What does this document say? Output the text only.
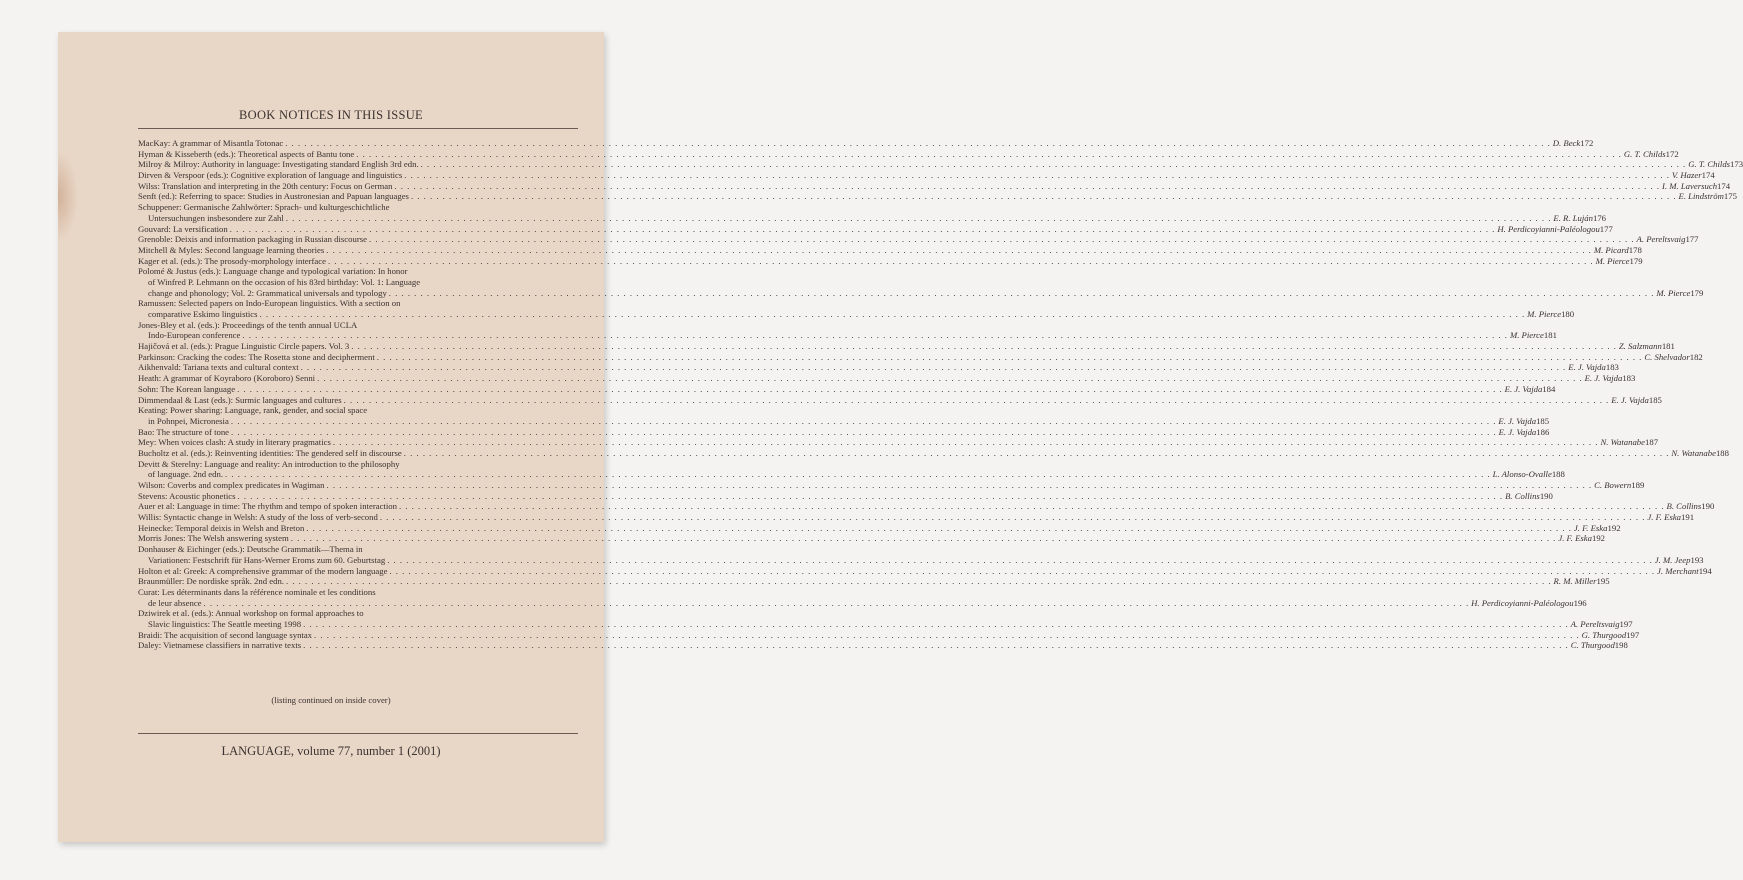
BOOK NOTICES IN THIS ISSUE
MacKay: A grammar of Misantla Totonac . . . . . . . . . . . . . . . . . . . . . . . . . . . . . . . . . . . . . . . . . . . . . . . . . . . . . . . . . . . . . . . . . . . . . . . . . . . . . . . . . . . . . . . . . . . . . . . . . . . . . . . . . . . . . . . . . . . . . . . . . . . . . . . . . . . . . . . . . . . . . . . . . . . . . . . . . . . . . . . . . . . . . . . . . . . . . . . . . . . . . . . . . . . . . . . . . . . . . . . . D. Beck 172
Hyman & Kisseberth (eds.): Theoretical aspects of Bantu tone . . . . . . . . . . . . . . . . . . . . . . . . . . . . . . . . . . . . . . . . . . . . . . . . . . . . . . . . . . . . . . . . . . . . . . . . . . . . . . . . . . . . . . . . . . . . . . . . . . . . . . . . . . . . . . . . . . . . . . . . . . . . . . . . . . . . . . . . . . . . . . . . . . . . . . . . . . . . . . . . . . . . . . . . . . . . . . . . . . . . . . . . . . . . . . . . . . . . . . . . G. T. Childs 172
Milroy & Milroy: Authority in language: Investigating standard English 3rd edn. . . . . . . . . . . . . . . . . . . . . . . . . . . . . . . . . . . . . . . . . . . . . . . . . . . . . . . . . . . . . . . . . . . . . . . . . . . . . . . . . . . . . . . . . . . . . . . . . . . . . . . . . . . . . . . . . . . . . . . . . . . . . . . . . . . . . . . . . . . . . . . . . . . . . . . . . . . . . . . . . . . . . . . . . . . . . . . . . . . . . . . . . . . . . . . . . . . . . . . . . G. T. Childs 173
Dirven & Verspoor (eds.): Cognitive exploration of language and linguistics . . . . . . . . . . . . . . . . . . . . . . . . . . . . . . . . . . . . . . . . . . . . . . . . . . . . . . . . . . . . . . . . . . . . . . . . . . . . . . . . . . . . . . . . . . . . . . . . . . . . . . . . . . . . . . . . . . . . . . . . . . . . . . . . . . . . . . . . . . . . . . . . . . . . . . . . . . . . . . . . . . . . . . . . . . . . . . . . . . . . . . . . . . . . . . . . . . . . . . . . V. Hazer 174
Wilss: Translation and interpreting in the 20th century: Focus on German . . . . . . . . . . . . . . . . . . . . . . . . . . . . . . . . . . . . . . . . . . . . . . . . . . . . . . . . . . . . . . . . . . . . . . . . . . . . . . . . . . . . . . . . . . . . . . . . . . . . . . . . . . . . . . . . . . . . . . . . . . . . . . . . . . . . . . . . . . . . . . . . . . . . . . . . . . . . . . . . . . . . . . . . . . . . . . . . . . . . . . . . . . . . . . . . . . . . . . . . I. M. Laversuch 174
Senft (ed.): Referring to space: Studies in Austronesian and Papuan languages . . . . . . . . . . . . . . . . . . . . . . . . . . . . . . . . . . . . . . . . . . . . . . . . . . . . . . . . . . . . . . . . . . . . . . . . . . . . . . . . . . . . . . . . . . . . . . . . . . . . . . . . . . . . . . . . . . . . . . . . . . . . . . . . . . . . . . . . . . . . . . . . . . . . . . . . . . . . . . . . . . . . . . . . . . . . . . . . . . . . . . . . . . . . . . . . . . . . . . . . E. Lindström 175
Schuppener: Germanische Zahlwörter: Sprach- und kulturgeschichtliche
Untersuchungen insbesondere zur Zahl . . . . . . . . . . . . . . . . . . . . . . . . . . . . . . . . . . . . . . . . . . . . . . . . . . . . . . . . . . . . . . . . . . . . . . . . . . . . . . . . . . . . . . . . . . . . . . . . . . . . . . . . . . . . . . . . . . . . . . . . . . . . . . . . . . . . . . . . . . . . . . . . . . . . . . . . . . . . . . . . . . . . . . . . . . . . . . . . . . . . . . . . . . . . . . . . . . . . . . . . E. R. Luján 176
Gouvard: La versification . . . . . . . . . . . . . . . . . . . . . . . . . . . . . . . . . . . . . . . . . . . . . . . . . . . . . . . . . . . . . . . . . . . . . . . . . . . . . . . . . . . . . . . . . . . . . . . . . . . . . . . . . . . . . . . . . . . . . . . . . . . . . . . . . . . . . . . . . . . . . . . . . . . . . . . . . . . . . . . . . . . . . . . . . . . . . . . . . . . . . . . . . . . . . . . . . . . . . . . . H. Perdicoyianni-Paléologou 177
Grenoble: Deixis and information packaging in Russian discourse . . . . . . . . . . . . . . . . . . . . . . . . . . . . . . . . . . . . . . . . . . . . . . . . . . . . . . . . . . . . . . . . . . . . . . . . . . . . . . . . . . . . . . . . . . . . . . . . . . . . . . . . . . . . . . . . . . . . . . . . . . . . . . . . . . . . . . . . . . . . . . . . . . . . . . . . . . . . . . . . . . . . . . . . . . . . . . . . . . . . . . . . . . . . . . . . . . . . . . . . A. Pereltsvaig 177
Mitchell & Myles: Second language learning theories . . . . . . . . . . . . . . . . . . . . . . . . . . . . . . . . . . . . . . . . . . . . . . . . . . . . . . . . . . . . . . . . . . . . . . . . . . . . . . . . . . . . . . . . . . . . . . . . . . . . . . . . . . . . . . . . . . . . . . . . . . . . . . . . . . . . . . . . . . . . . . . . . . . . . . . . . . . . . . . . . . . . . . . . . . . . . . . . . . . . . . . . . . . . . . . . . . . . . . . . M. Picard 178
Kager et al. (eds.): The prosody-morphology interface . . . . . . . . . . . . . . . . . . . . . . . . . . . . . . . . . . . . . . . . . . . . . . . . . . . . . . . . . . . . . . . . . . . . . . . . . . . . . . . . . . . . . . . . . . . . . . . . . . . . . . . . . . . . . . . . . . . . . . . . . . . . . . . . . . . . . . . . . . . . . . . . . . . . . . . . . . . . . . . . . . . . . . . . . . . . . . . . . . . . . . . . . . . . . . . . . . . . . . . . M. Pierce 179
Polomé & Justus (eds.): Language change and typological variation: In honor
of Winfred P. Lehmann on the occasion of his 83rd birthday: Vol. 1: Language
change and phonology; Vol. 2: Grammatical universals and typology . . . . . . . . . . . . . . . . . . . . . . . . . . . . . . . . . . . . . . . . . . . . . . . . . . . . . . . . . . . . . . . . . . . . . . . . . . . . . . . . . . . . . . . . . . . . . . . . . . . . . . . . . . . . . . . . . . . . . . . . . . . . . . . . . . . . . . . . . . . . . . . . . . . . . . . . . . . . . . . . . . . . . . . . . . . . . . . . . . . . . . . . . . . . . . . . . . . . . . . . M. Pierce 179
Ramussen: Selected papers on Indo-European linguistics. With a section on
comparative Eskimo linguistics . . . . . . . . . . . . . . . . . . . . . . . . . . . . . . . . . . . . . . . . . . . . . . . . . . . . . . . . . . . . . . . . . . . . . . . . . . . . . . . . . . . . . . . . . . . . . . . . . . . . . . . . . . . . . . . . . . . . . . . . . . . . . . . . . . . . . . . . . . . . . . . . . . . . . . . . . . . . . . . . . . . . . . . . . . . . . . . . . . . . . . . . . . . . . . . . . . . . . . . . M. Pierce 180
Jones-Bley et al. (eds.): Proceedings of the tenth annual UCLA
Indo-European conference . . . . . . . . . . . . . . . . . . . . . . . . . . . . . . . . . . . . . . . . . . . . . . . . . . . . . . . . . . . . . . . . . . . . . . . . . . . . . . . . . . . . . . . . . . . . . . . . . . . . . . . . . . . . . . . . . . . . . . . . . . . . . . . . . . . . . . . . . . . . . . . . . . . . . . . . . . . . . . . . . . . . . . . . . . . . . . . . . . . . . . . . . . . . . . . . . . . . . . . . M. Pierce 181
Hajičová et al. (eds.): Prague Linguistic Circle papers. Vol. 3 . . . . . . . . . . . . . . . . . . . . . . . . . . . . . . . . . . . . . . . . . . . . . . . . . . . . . . . . . . . . . . . . . . . . . . . . . . . . . . . . . . . . . . . . . . . . . . . . . . . . . . . . . . . . . . . . . . . . . . . . . . . . . . . . . . . . . . . . . . . . . . . . . . . . . . . . . . . . . . . . . . . . . . . . . . . . . . . . . . . . . . . . . . . . . . . . . . . . . . . . Z. Salzmann 181
Parkinson: Cracking the codes: The Rosetta stone and decipherment . . . . . . . . . . . . . . . . . . . . . . . . . . . . . . . . . . . . . . . . . . . . . . . . . . . . . . . . . . . . . . . . . . . . . . . . . . . . . . . . . . . . . . . . . . . . . . . . . . . . . . . . . . . . . . . . . . . . . . . . . . . . . . . . . . . . . . . . . . . . . . . . . . . . . . . . . . . . . . . . . . . . . . . . . . . . . . . . . . . . . . . . . . . . . . . . . . . . . . . . C. Shelvador 182
Aikhenvald: Tariana texts and cultural context . . . . . . . . . . . . . . . . . . . . . . . . . . . . . . . . . . . . . . . . . . . . . . . . . . . . . . . . . . . . . . . . . . . . . . . . . . . . . . . . . . . . . . . . . . . . . . . . . . . . . . . . . . . . . . . . . . . . . . . . . . . . . . . . . . . . . . . . . . . . . . . . . . . . . . . . . . . . . . . . . . . . . . . . . . . . . . . . . . . . . . . . . . . . . . . . . . . . . . . . E. J. Vajda 183
Heath: A grammar of Koyraboro (Koroboro) Senni . . . . . . . . . . . . . . . . . . . . . . . . . . . . . . . . . . . . . . . . . . . . . . . . . . . . . . . . . . . . . . . . . . . . . . . . . . . . . . . . . . . . . . . . . . . . . . . . . . . . . . . . . . . . . . . . . . . . . . . . . . . . . . . . . . . . . . . . . . . . . . . . . . . . . . . . . . . . . . . . . . . . . . . . . . . . . . . . . . . . . . . . . . . . . . . . . . . . . . . . E. J. Vajda 183
Sohn: The Korean language . . . . . . . . . . . . . . . . . . . . . . . . . . . . . . . . . . . . . . . . . . . . . . . . . . . . . . . . . . . . . . . . . . . . . . . . . . . . . . . . . . . . . . . . . . . . . . . . . . . . . . . . . . . . . . . . . . . . . . . . . . . . . . . . . . . . . . . . . . . . . . . . . . . . . . . . . . . . . . . . . . . . . . . . . . . . . . . . . . . . . . . . . . . . . . . . . . . . . . . . E. J. Vajda 184
Dimmendaal & Last (eds.): Surmic languages and cultures . . . . . . . . . . . . . . . . . . . . . . . . . . . . . . . . . . . . . . . . . . . . . . . . . . . . . . . . . . . . . . . . . . . . . . . . . . . . . . . . . . . . . . . . . . . . . . . . . . . . . . . . . . . . . . . . . . . . . . . . . . . . . . . . . . . . . . . . . . . . . . . . . . . . . . . . . . . . . . . . . . . . . . . . . . . . . . . . . . . . . . . . . . . . . . . . . . . . . . . . E. J. Vajda 185
Keating: Power sharing: Language, rank, gender, and social space
in Pohnpei, Micronesia . . . . . . . . . . . . . . . . . . . . . . . . . . . . . . . . . . . . . . . . . . . . . . . . . . . . . . . . . . . . . . . . . . . . . . . . . . . . . . . . . . . . . . . . . . . . . . . . . . . . . . . . . . . . . . . . . . . . . . . . . . . . . . . . . . . . . . . . . . . . . . . . . . . . . . . . . . . . . . . . . . . . . . . . . . . . . . . . . . . . . . . . . . . . . . . . . . . . . . . . E. J. Vajda 185
Bao: The structure of tone . . . . . . . . . . . . . . . . . . . . . . . . . . . . . . . . . . . . . . . . . . . . . . . . . . . . . . . . . . . . . . . . . . . . . . . . . . . . . . . . . . . . . . . . . . . . . . . . . . . . . . . . . . . . . . . . . . . . . . . . . . . . . . . . . . . . . . . . . . . . . . . . . . . . . . . . . . . . . . . . . . . . . . . . . . . . . . . . . . . . . . . . . . . . . . . . . . . . . . . . E. J. Vajda 186
Mey: When voices clash: A study in literary pragmatics . . . . . . . . . . . . . . . . . . . . . . . . . . . . . . . . . . . . . . . . . . . . . . . . . . . . . . . . . . . . . . . . . . . . . . . . . . . . . . . . . . . . . . . . . . . . . . . . . . . . . . . . . . . . . . . . . . . . . . . . . . . . . . . . . . . . . . . . . . . . . . . . . . . . . . . . . . . . . . . . . . . . . . . . . . . . . . . . . . . . . . . . . . . . . . . . . . . . . . . . N. Watanabe 187
Bucholtz et al. (eds.): Reinventing identities: The gendered self in discourse . . . . . . . . . . . . . . . . . . . . . . . . . . . . . . . . . . . . . . . . . . . . . . . . . . . . . . . . . . . . . . . . . . . . . . . . . . . . . . . . . . . . . . . . . . . . . . . . . . . . . . . . . . . . . . . . . . . . . . . . . . . . . . . . . . . . . . . . . . . . . . . . . . . . . . . . . . . . . . . . . . . . . . . . . . . . . . . . . . . . . . . . . . . . . . . . . . . . . . . . N. Watanabe 188
Devitt & Sterelny: Language and reality: An introduction to the philosophy
of language. 2nd edn. . . . . . . . . . . . . . . . . . . . . . . . . . . . . . . . . . . . . . . . . . . . . . . . . . . . . . . . . . . . . . . . . . . . . . . . . . . . . . . . . . . . . . . . . . . . . . . . . . . . . . . . . . . . . . . . . . . . . . . . . . . . . . . . . . . . . . . . . . . . . . . . . . . . . . . . . . . . . . . . . . . . . . . . . . . . . . . . . . . . . . . . . . . . . . . . . . . . . . . . . L. Alonso-Ovalle 188
Wilson: Coverbs and complex predicates in Wagiman . . . . . . . . . . . . . . . . . . . . . . . . . . . . . . . . . . . . . . . . . . . . . . . . . . . . . . . . . . . . . . . . . . . . . . . . . . . . . . . . . . . . . . . . . . . . . . . . . . . . . . . . . . . . . . . . . . . . . . . . . . . . . . . . . . . . . . . . . . . . . . . . . . . . . . . . . . . . . . . . . . . . . . . . . . . . . . . . . . . . . . . . . . . . . . . . . . . . . . . . C. Bowern 189
Stevens: Acoustic phonetics . . . . . . . . . . . . . . . . . . . . . . . . . . . . . . . . . . . . . . . . . . . . . . . . . . . . . . . . . . . . . . . . . . . . . . . . . . . . . . . . . . . . . . . . . . . . . . . . . . . . . . . . . . . . . . . . . . . . . . . . . . . . . . . . . . . . . . . . . . . . . . . . . . . . . . . . . . . . . . . . . . . . . . . . . . . . . . . . . . . . . . . . . . . . . . . . . . . . . . . . B. Collins 190
Auer et al: Language in time: The rhythm and tempo of spoken interaction . . . . . . . . . . . . . . . . . . . . . . . . . . . . . . . . . . . . . . . . . . . . . . . . . . . . . . . . . . . . . . . . . . . . . . . . . . . . . . . . . . . . . . . . . . . . . . . . . . . . . . . . . . . . . . . . . . . . . . . . . . . . . . . . . . . . . . . . . . . . . . . . . . . . . . . . . . . . . . . . . . . . . . . . . . . . . . . . . . . . . . . . . . . . . . . . . . . . . . . . B. Collins 190
Willis: Syntactic change in Welsh: A study of the loss of verb-second . . . . . . . . . . . . . . . . . . . . . . . . . . . . . . . . . . . . . . . . . . . . . . . . . . . . . . . . . . . . . . . . . . . . . . . . . . . . . . . . . . . . . . . . . . . . . . . . . . . . . . . . . . . . . . . . . . . . . . . . . . . . . . . . . . . . . . . . . . . . . . . . . . . . . . . . . . . . . . . . . . . . . . . . . . . . . . . . . . . . . . . . . . . . . . . . . . . . . . . . J. F. Eska 191
Heinecke: Temporal deixis in Welsh and Breton . . . . . . . . . . . . . . . . . . . . . . . . . . . . . . . . . . . . . . . . . . . . . . . . . . . . . . . . . . . . . . . . . . . . . . . . . . . . . . . . . . . . . . . . . . . . . . . . . . . . . . . . . . . . . . . . . . . . . . . . . . . . . . . . . . . . . . . . . . . . . . . . . . . . . . . . . . . . . . . . . . . . . . . . . . . . . . . . . . . . . . . . . . . . . . . . . . . . . . . . J. F. Eska 192
Morris Jones: The Welsh answering system . . . . . . . . . . . . . . . . . . . . . . . . . . . . . . . . . . . . . . . . . . . . . . . . . . . . . . . . . . . . . . . . . . . . . . . . . . . . . . . . . . . . . . . . . . . . . . . . . . . . . . . . . . . . . . . . . . . . . . . . . . . . . . . . . . . . . . . . . . . . . . . . . . . . . . . . . . . . . . . . . . . . . . . . . . . . . . . . . . . . . . . . . . . . . . . . . . . . . . . . J. F. Eska 192
Donhauser & Eichinger (eds.): Deutsche Grammatik—Thema in
Variationen: Festschrift für Hans-Werner Eroms zum 60. Geburtstag . . . . . . . . . . . . . . . . . . . . . . . . . . . . . . . . . . . . . . . . . . . . . . . . . . . . . . . . . . . . . . . . . . . . . . . . . . . . . . . . . . . . . . . . . . . . . . . . . . . . . . . . . . . . . . . . . . . . . . . . . . . . . . . . . . . . . . . . . . . . . . . . . . . . . . . . . . . . . . . . . . . . . . . . . . . . . . . . . . . . . . . . . . . . . . . . . . . . . . . . J. M. Jeep 193
Holton et al: Greek: A comprehensive grammar of the modern language . . . . . . . . . . . . . . . . . . . . . . . . . . . . . . . . . . . . . . . . . . . . . . . . . . . . . . . . . . . . . . . . . . . . . . . . . . . . . . . . . . . . . . . . . . . . . . . . . . . . . . . . . . . . . . . . . . . . . . . . . . . . . . . . . . . . . . . . . . . . . . . . . . . . . . . . . . . . . . . . . . . . . . . . . . . . . . . . . . . . . . . . . . . . . . . . . . . . . . . . J. Merchant 194
Braunmüller: De nordiske språk. 2nd edn. . . . . . . . . . . . . . . . . . . . . . . . . . . . . . . . . . . . . . . . . . . . . . . . . . . . . . . . . . . . . . . . . . . . . . . . . . . . . . . . . . . . . . . . . . . . . . . . . . . . . . . . . . . . . . . . . . . . . . . . . . . . . . . . . . . . . . . . . . . . . . . . . . . . . . . . . . . . . . . . . . . . . . . . . . . . . . . . . . . . . . . . . . . . . . . . . . . . . . . . . R. M. Miller 195
Curat: Les déterminants dans la référence nominale et les conditions
de leur absence . . . . . . . . . . . . . . . . . . . . . . . . . . . . . . . . . . . . . . . . . . . . . . . . . . . . . . . . . . . . . . . . . . . . . . . . . . . . . . . . . . . . . . . . . . . . . . . . . . . . . . . . . . . . . . . . . . . . . . . . . . . . . . . . . . . . . . . . . . . . . . . . . . . . . . . . . . . . . . . . . . . . . . . . . . . . . . . . . . . . . . . . . . . . . . . . . . . . . . . . H. Perdicoyianni-Paléologou 196
Dziwirek et al. (eds.): Annual workshop on formal approaches to
Slavic linguistics: The Seattle meeting 1998 . . . . . . . . . . . . . . . . . . . . . . . . . . . . . . . . . . . . . . . . . . . . . . . . . . . . . . . . . . . . . . . . . . . . . . . . . . . . . . . . . . . . . . . . . . . . . . . . . . . . . . . . . . . . . . . . . . . . . . . . . . . . . . . . . . . . . . . . . . . . . . . . . . . . . . . . . . . . . . . . . . . . . . . . . . . . . . . . . . . . . . . . . . . . . . . . . . . . . . . . A. Pereltsvaig 197
Braidi: The acquisition of second language syntax . . . . . . . . . . . . . . . . . . . . . . . . . . . . . . . . . . . . . . . . . . . . . . . . . . . . . . . . . . . . . . . . . . . . . . . . . . . . . . . . . . . . . . . . . . . . . . . . . . . . . . . . . . . . . . . . . . . . . . . . . . . . . . . . . . . . . . . . . . . . . . . . . . . . . . . . . . . . . . . . . . . . . . . . . . . . . . . . . . . . . . . . . . . . . . . . . . . . . . . . G. Thurgood 197
Daley: Vietnamese classifiers in narrative texts . . . . . . . . . . . . . . . . . . . . . . . . . . . . . . . . . . . . . . . . . . . . . . . . . . . . . . . . . . . . . . . . . . . . . . . . . . . . . . . . . . . . . . . . . . . . . . . . . . . . . . . . . . . . . . . . . . . . . . . . . . . . . . . . . . . . . . . . . . . . . . . . . . . . . . . . . . . . . . . . . . . . . . . . . . . . . . . . . . . . . . . . . . . . . . . . . . . . . . . . C. Thurgood 198
(listing continued on inside cover)
LANGUAGE, volume 77, number 1 (2001)
